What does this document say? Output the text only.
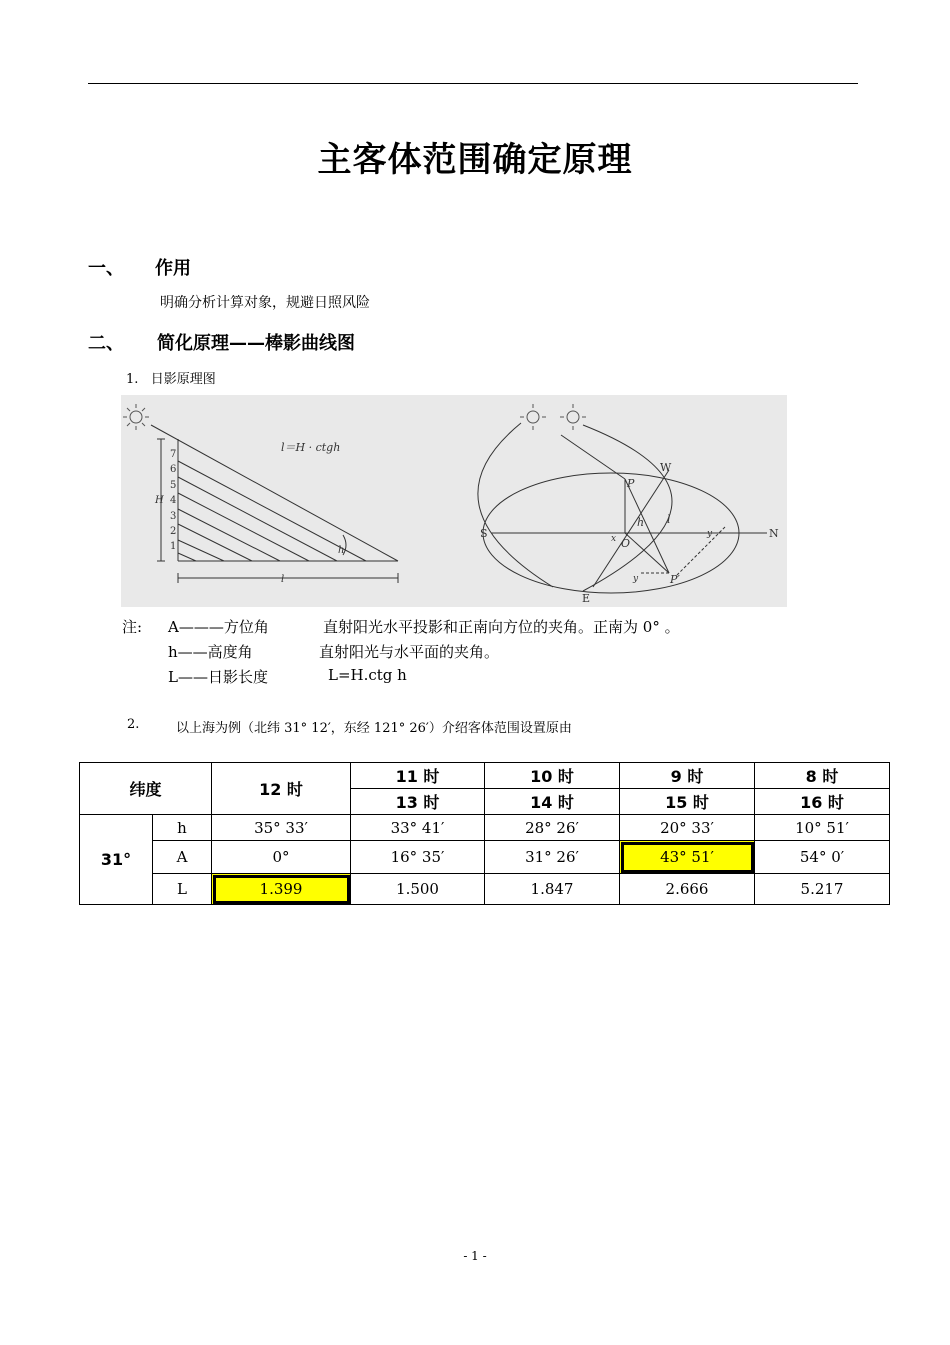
主客体范围确定原理
一、 作用
明确分析计算对象，规避日照风险
二、 简化原理——棒影曲线图
1.   日影原理图
1
2
3
4
5
6
7
H
l
h
l＝H · ctgh
S	N
W
E
P
O
P′
l
h
x	y
y
注: A———方位角	直射阳光水平投影和正南向方位的夹角。正南为 0° 。
h——高度角	直射阳光与水平面的夹角。
L——日影长度	L=H.ctg h
2.	以上海为例（北纬 31° 12′，东经 121° 26′）介绍客体范围设置原由
纬度		12 时	11 时	10 时	9 时	8 时
			13 时	14 时	15 时	16 时
31°	h	35° 33′	33° 41′	28° 26′	20° 33′	10° 51′
	A	0°	16° 35′	31° 26′	43° 51′	54° 0′
	L	1.399	1.500	1.847	2.666	5.217
- 1 -
